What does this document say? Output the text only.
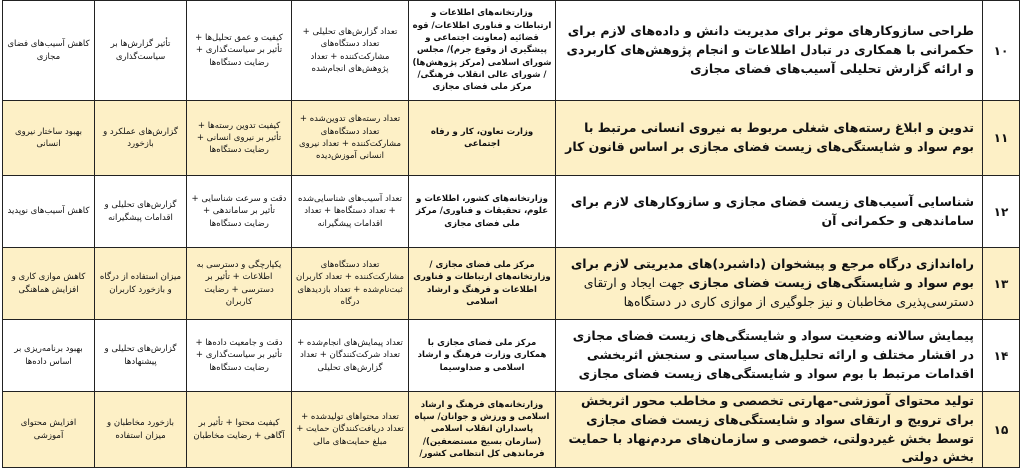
۱۰	طراحی سازوکارهای موثر برای مدیریت دانش و داده‌های لازم برای حکمرانی با همکاری در تبادل اطلاعات و انجام پژوهش‌های کاربردی و ارائه گزارش تحلیلی آسیب‌های فضای مجازی	وزارتخانه‌های اطلاعات و ارتباطات و فناوری اطلاعات/ قوه قضائیه (معاونت اجتماعی و پیشگیری از وقوع جرم)/ مجلس شورای اسلامی (مرکز پژوهش‌ها) / شورای عالی انقلاب فرهنگی/ مرکز ملی فضای مجازی	تعداد گزارش‌های تحلیلی + تعداد دستگاه‌های مشارکت‌کننده + تعداد پژوهش‌های انجام‌شده	کیفیت و عمق تحلیل‌ها + تأثیر بر سیاست‌گذاری + رضایت دستگاه‌ها	تأثیر گزارش‌ها بر سیاست‌گذاری	کاهش آسیب‌های فضای مجازی
۱۱	تدوین و ابلاغ رسته‌های شغلی مربوط به نیروی انسانی مرتبط با بوم سواد و شایستگی‌های زیست فضای مجازی بر اساس قانون کار	وزارت تعاون، کار و رفاه اجتماعی	تعداد رسته‌های تدوین‌شده + تعداد دستگاه‌های مشارکت‌کننده + تعداد نیروی انسانی آموزش‌دیده	کیفیت تدوین رسته‌ها + تأثیر بر نیروی انسانی + رضایت دستگاه‌ها	گزارش‌های عملکرد و بازخورد	بهبود ساختار نیروی انسانی
۱۲	شناسایی آسیب‌های زیست فضای مجازی و سازوکارهای لازم برای ساماندهی و حکمرانی آن	وزارتخانه‌های کشور، اطلاعات و علوم، تحقیقات و فناوری/ مرکز ملی فضای مجازی	تعداد آسیب‌های شناسایی‌شده + تعداد دستگاه‌ها + تعداد اقدامات پیشگیرانه	دقت و سرعت شناسایی + تأثیر بر ساماندهی + رضایت دستگاه‌ها	گزارش‌های تحلیلی و اقدامات پیشگیرانه	کاهش آسیب‌های نوپدید
۱۳	راه‌اندازی درگاه مرجع و پیشخوان (داشبرد)های مدیریتی لازم برای بوم سواد و شایستگی‌های زیست فضای مجازی جهت ایجاد و ارتقای دسترسی‌پذیری مخاطبان و نیز جلوگیری از موازی کاری در دستگاه‌ها	مرکز ملی فضای مجازی / وزارتخانه‌های ارتباطات و فناوری اطلاعات و فرهنگ و ارشاد اسلامی	تعداد دستگاه‌های مشارکت‌کننده + تعداد کاربران ثبت‌نام‌شده + تعداد بازدیدهای درگاه	یکپارچگی و دسترسی به اطلاعات + تأثیر بر دسترسی + رضایت کاربران	میزان استفاده از درگاه و بازخورد کاربران	کاهش موازی کاری و افزایش هماهنگی
۱۴	پیمایش سالانه وضعیت سواد و شایستگی‌های زیست فضای مجازی در اقشار مختلف و ارائه تحلیل‌های سیاستی و سنجش اثربخشی اقدامات مرتبط با بوم سواد و شایستگی‌های زیست فضای مجازی	مرکز ملی فضای مجازی با همکاری وزارت فرهنگ و ارشاد اسلامی و صداوسیما	تعداد پیمایش‌های انجام‌شده + تعداد شرکت‌کنندگان + تعداد گزارش‌های تحلیلی	دقت و جامعیت داده‌ها + تأثیر بر سیاست‌گذاری + رضایت دستگاه‌ها	گزارش‌های تحلیلی و پیشنهادها	بهبود برنامه‌ریزی بر اساس داده‌ها
۱۵	تولید محتوای آموزشی-مهارتی تخصصی و مخاطب محور اثربخش برای ترویج و ارتقای سواد و شایستگی‌های زیست فضای مجازی توسط بخش غیردولتی، خصوصی و سازمان‌های مردم‌نهاد با حمایت بخش دولتی	وزارتخانه‌های فرهنگ و ارشاد اسلامی و ورزش و جوانان/ سپاه پاسداران انقلاب اسلامی (سازمان بسیج مستضعفین)/ فرماندهی کل انتظامی کشور/	تعداد محتواهای تولیدشده + تعداد دریافت‌کنندگان حمایت + مبلغ حمایت‌های مالی	کیفیت محتوا + تأثیر بر آگاهی + رضایت مخاطبان	بازخورد مخاطبان و میزان استفاده	افزایش محتوای آموزشی
